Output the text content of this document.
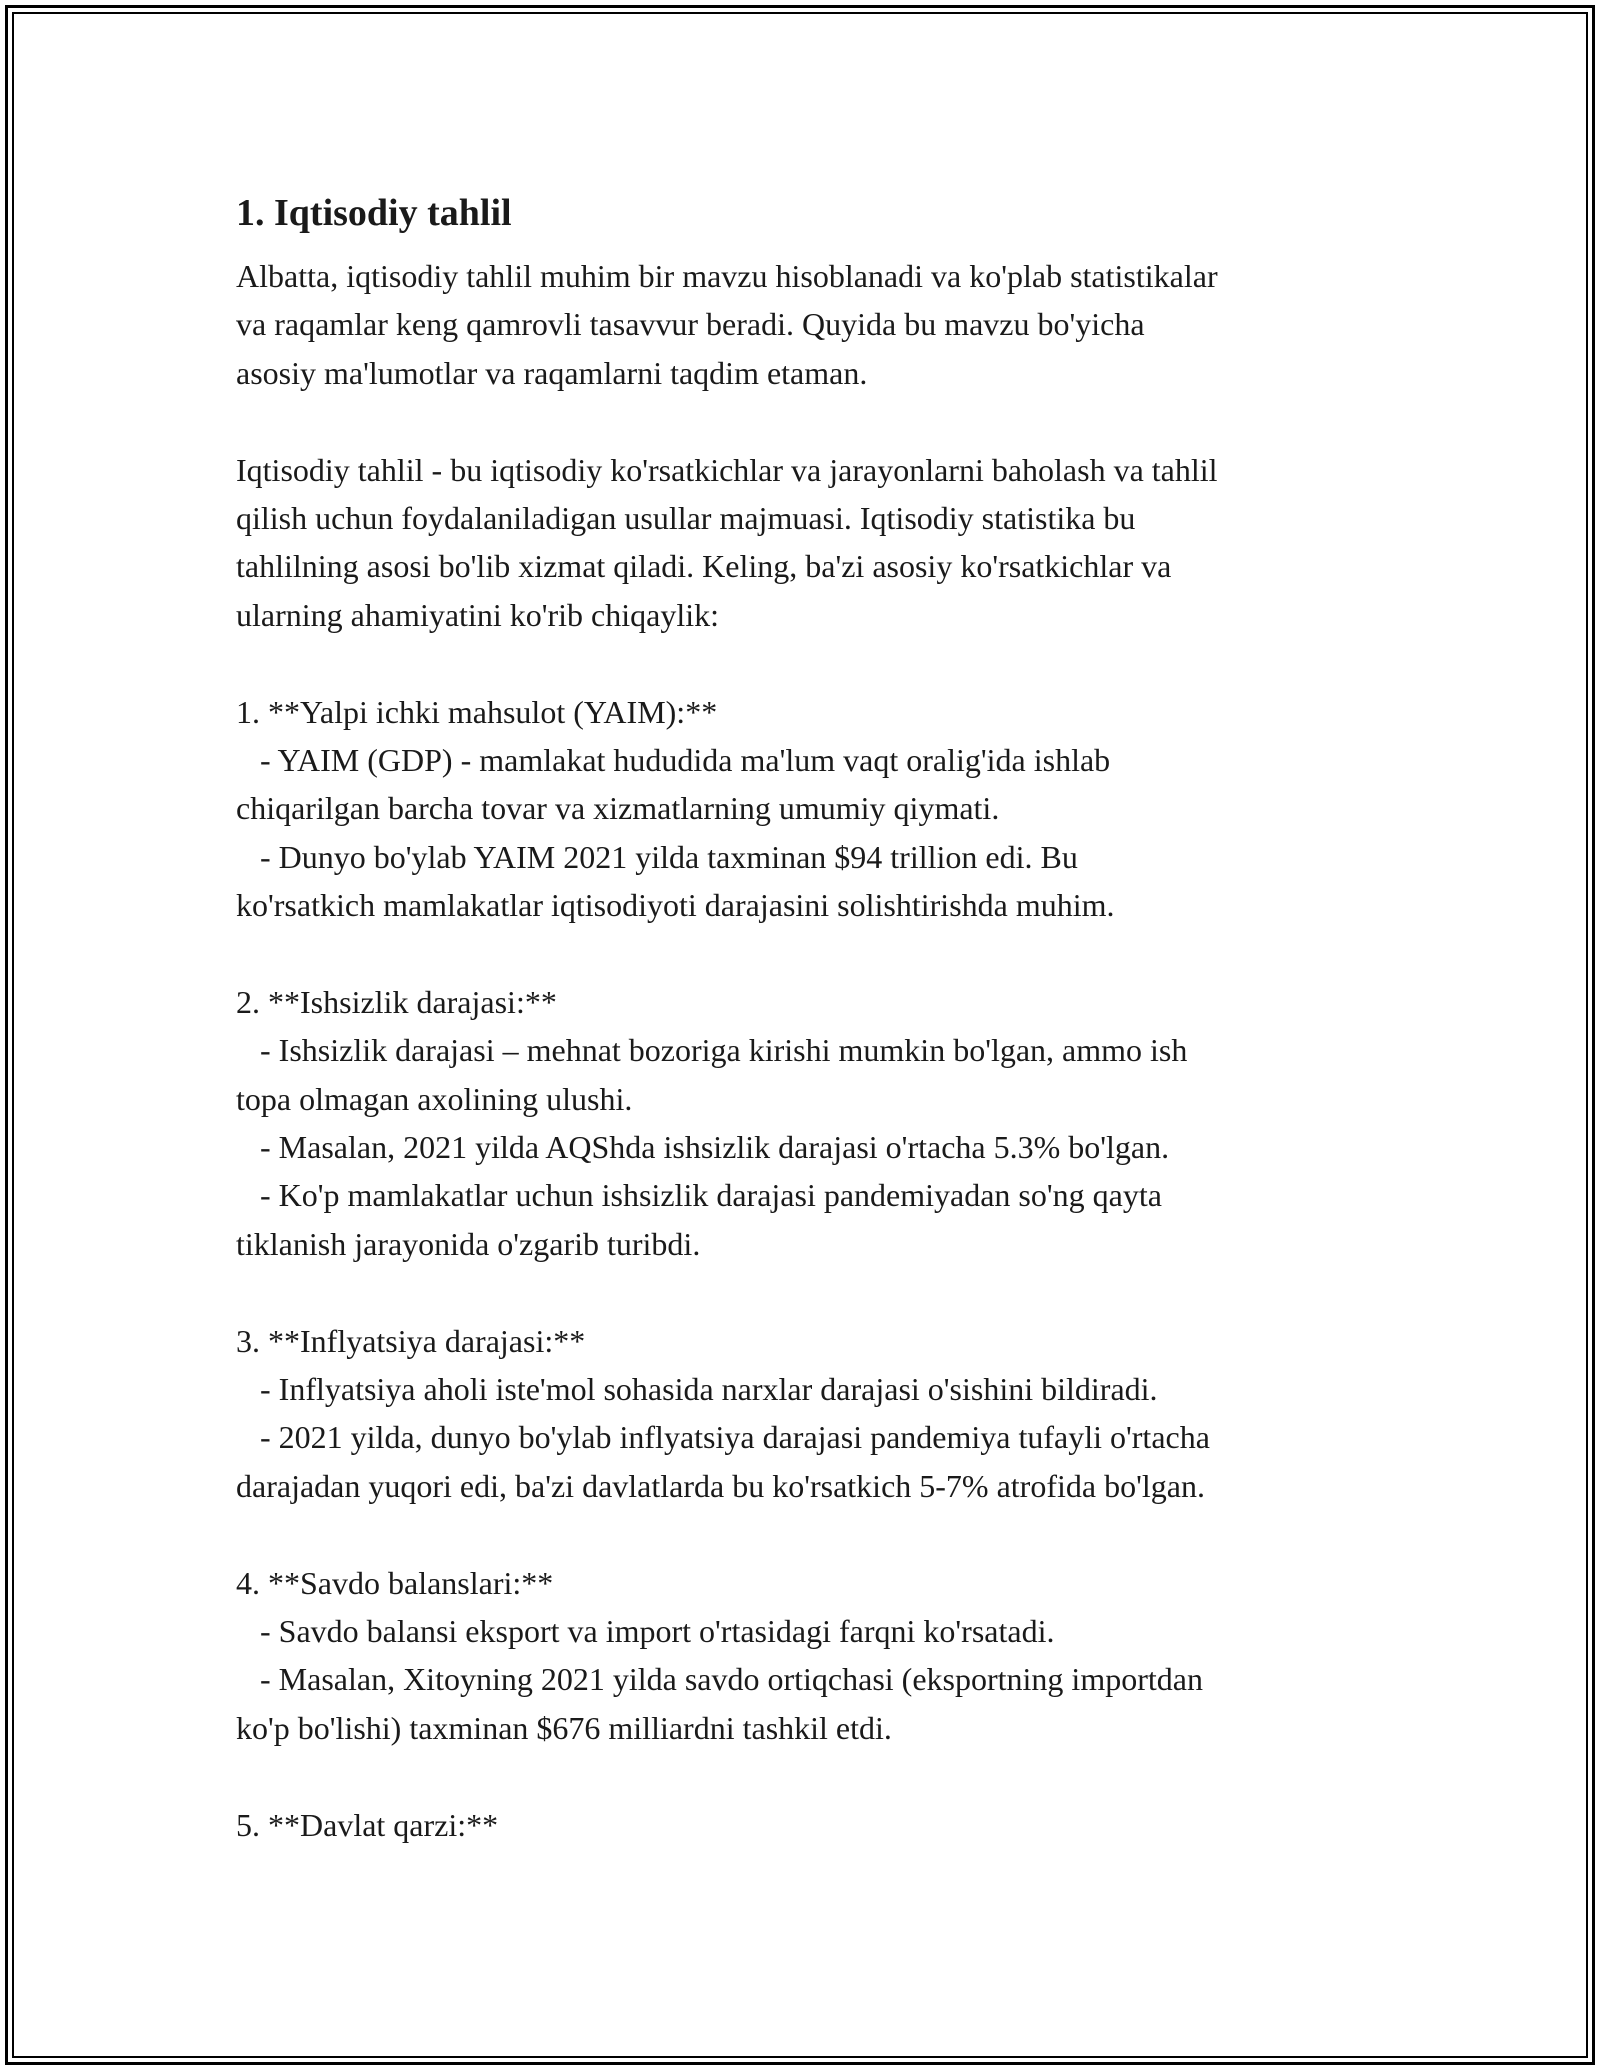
1. Iqtisodiy tahlil
Albatta, iqtisodiy tahlil muhim bir mavzu hisoblanadi va ko'plab statistikalar
va raqamlar keng qamrovli tasavvur beradi. Quyida bu mavzu bo'yicha
asosiy ma'lumotlar va raqamlarni taqdim etaman.
Iqtisodiy tahlil - bu iqtisodiy ko'rsatkichlar va jarayonlarni baholash va tahlil
qilish uchun foydalaniladigan usullar majmuasi. Iqtisodiy statistika bu
tahlilning asosi bo'lib xizmat qiladi. Keling, ba'zi asosiy ko'rsatkichlar va
ularning ahamiyatini ko'rib chiqaylik:
1. **Yalpi ichki mahsulot (YAIM):**
- YAIM (GDP) - mamlakat hududida ma'lum vaqt oralig'ida ishlab
chiqarilgan barcha tovar va xizmatlarning umumiy qiymati.
- Dunyo bo'ylab YAIM 2021 yilda taxminan $94 trillion edi. Bu
ko'rsatkich mamlakatlar iqtisodiyoti darajasini solishtirishda muhim.
2. **Ishsizlik darajasi:**
- Ishsizlik darajasi – mehnat bozoriga kirishi mumkin bo'lgan, ammo ish
topa olmagan axolining ulushi.
- Masalan, 2021 yilda AQShda ishsizlik darajasi o'rtacha 5.3% bo'lgan.
- Ko'p mamlakatlar uchun ishsizlik darajasi pandemiyadan so'ng qayta
tiklanish jarayonida o'zgarib turibdi.
3. **Inflyatsiya darajasi:**
- Inflyatsiya aholi iste'mol sohasida narxlar darajasi o'sishini bildiradi.
- 2021 yilda, dunyo bo'ylab inflyatsiya darajasi pandemiya tufayli o'rtacha
darajadan yuqori edi, ba'zi davlatlarda bu ko'rsatkich 5-7% atrofida bo'lgan.
4. **Savdo balanslari:**
- Savdo balansi eksport va import o'rtasidagi farqni ko'rsatadi.
- Masalan, Xitoyning 2021 yilda savdo ortiqchasi (eksportning importdan
ko'p bo'lishi) taxminan $676 milliardni tashkil etdi.
5. **Davlat qarzi:**
